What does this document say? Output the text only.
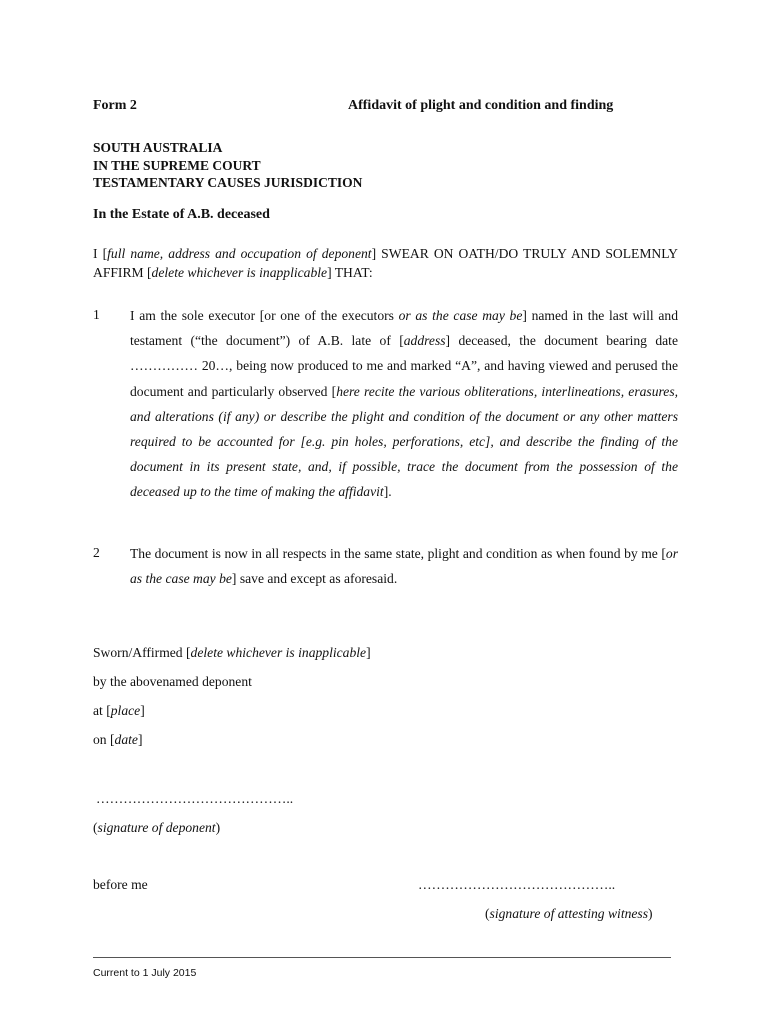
Form 2	Affidavit of plight and condition and finding
SOUTH AUSTRALIA
IN THE SUPREME COURT
TESTAMENTARY CAUSES JURISDICTION
In the Estate of A.B. deceased
I [full name, address and occupation of deponent] SWEAR ON OATH/DO TRULY AND SOLEMNLY AFFIRM [delete whichever is inapplicable] THAT:
1 I am the sole executor [or one of the executors or as the case may be] named in the last will and testament (“the document”) of A.B. late of [address] deceased, the document bearing date …………… 20…, being now produced to me and marked “A”, and having viewed and perused the document and particularly observed [here recite the various obliterations, interlineations, erasures, and alterations (if any) or describe the plight and condition of the document or any other matters required to be accounted for [e.g. pin holes, perforations, etc], and describe the finding of the document in its present state, and, if possible, trace the document from the possession of the deceased up to the time of making the affidavit].
2 The document is now in all respects in the same state, plight and condition as when found by me [or as the case may be] save and except as aforesaid.
Sworn/Affirmed [delete whichever is inapplicable]
by the abovenamed deponent
at [place]
on [date]
……………………………………..
(signature of deponent)
before me	……………………………………..
(signature of attesting witness)
Current to 1 July 2015
